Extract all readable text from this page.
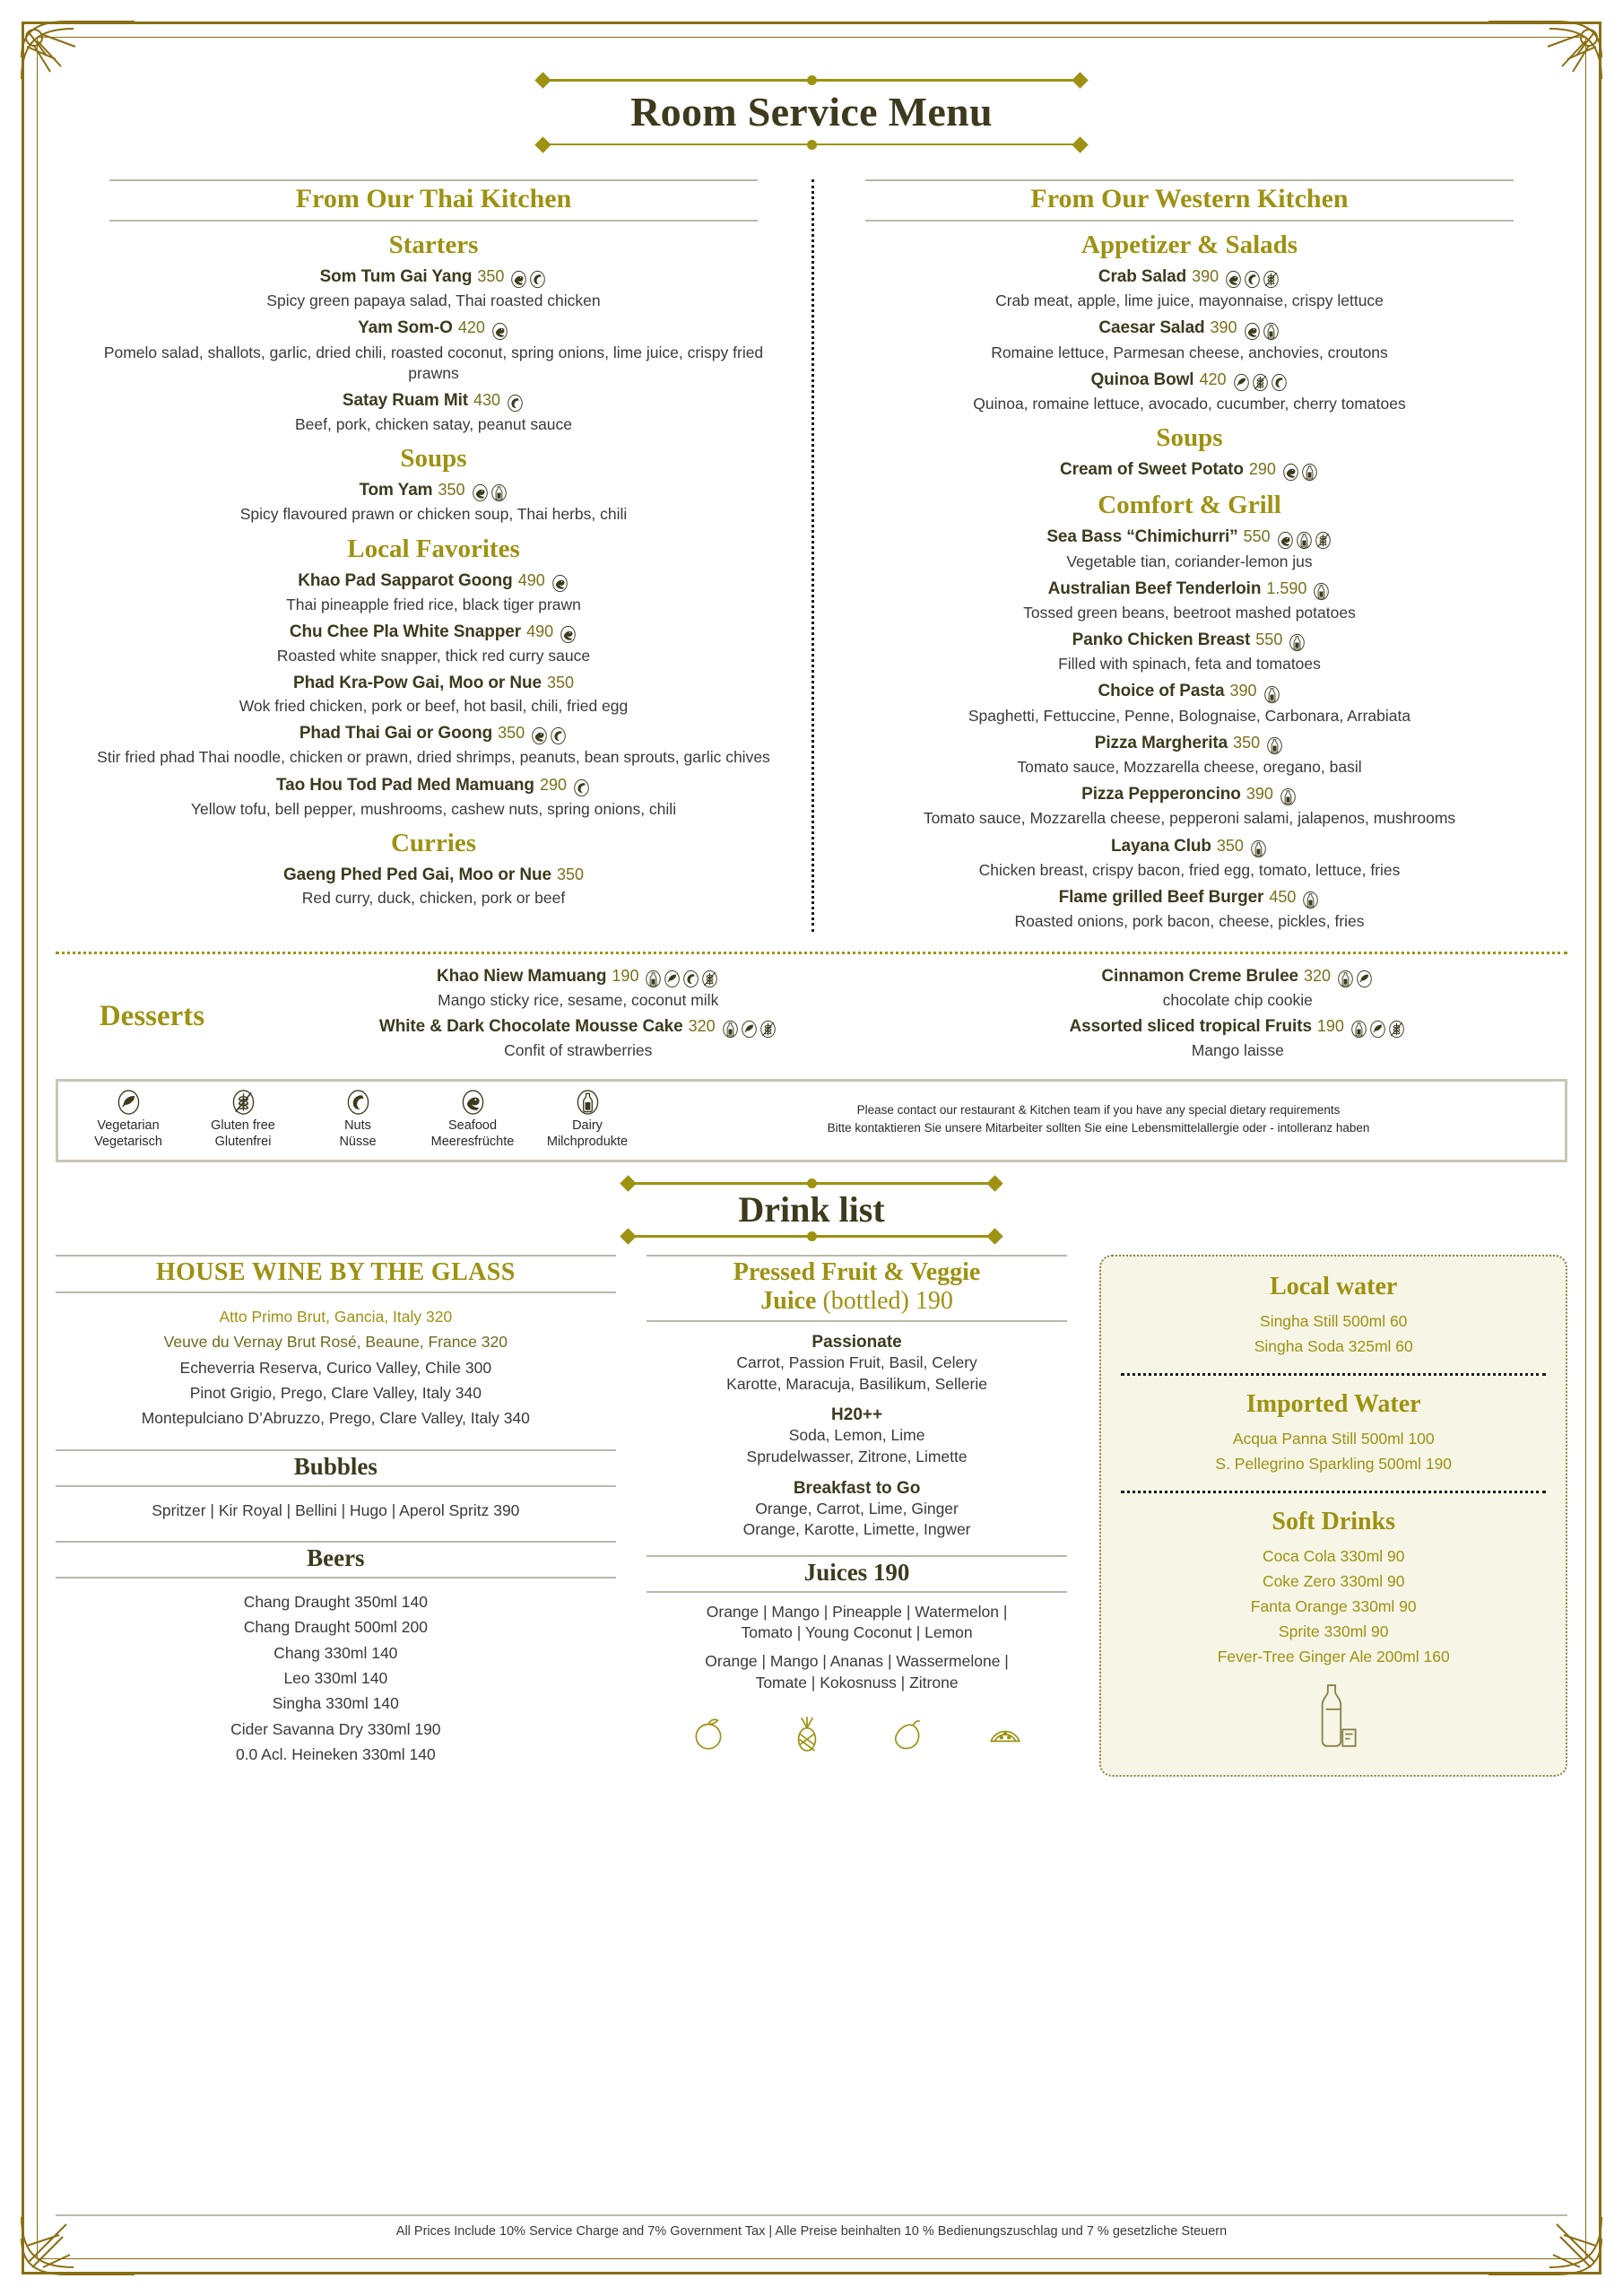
Room Service Menu
From Our Thai Kitchen
Starters
Som Tum Gai Yang 350
Spicy green papaya salad, Thai roasted chicken
Yam Som-O 420
Pomelo salad, shallots, garlic, dried chili, roasted coconut, spring onions, lime juice, crispy fried prawns
Satay Ruam Mit 430
Beef, pork, chicken satay, peanut sauce
Soups
Tom Yam 350
Spicy flavoured prawn or chicken soup, Thai herbs, chili
Local Favorites
Khao Pad Sapparot Goong 490
Thai pineapple fried rice, black tiger prawn
Chu Chee Pla White Snapper 490
Roasted white snapper, thick red curry sauce
Phad Kra-Pow Gai, Moo or Nue 350
Wok fried chicken, pork or beef, hot basil, chili, fried egg
Phad Thai Gai or Goong 350
Stir fried phad Thai noodle, chicken or prawn, dried shrimps, peanuts, bean sprouts, garlic chives
Tao Hou Tod Pad Med Mamuang 290
Yellow tofu, bell pepper, mushrooms, cashew nuts, spring onions, chili
Curries
Gaeng Phed Ped Gai, Moo or Nue 350
Red curry, duck, chicken, pork or beef
From Our Western Kitchen
Appetizer & Salads
Crab Salad 390
Crab meat, apple, lime juice, mayonnaise, crispy lettuce
Caesar Salad 390
Romaine lettuce, Parmesan cheese, anchovies, croutons
Quinoa Bowl 420
Quinoa, romaine lettuce, avocado, cucumber, cherry tomatoes
Soups
Cream of Sweet Potato 290
Comfort & Grill
Sea Bass “Chimichurri” 550
Vegetable tian, coriander-lemon jus
Australian Beef Tenderloin 1.590
Tossed green beans, beetroot mashed potatoes
Panko Chicken Breast 550
Filled with spinach, feta and tomatoes
Choice of Pasta 390
Spaghetti, Fettuccine, Penne, Bolognaise, Carbonara, Arrabiata
Pizza Margherita 350
Tomato sauce, Mozzarella cheese, oregano, basil
Pizza Pepperoncino 390
Tomato sauce, Mozzarella cheese, pepperoni salami, jalapenos, mushrooms
Layana Club 350
Chicken breast, crispy bacon, fried egg, tomato, lettuce, fries
Flame grilled Beef Burger 450
Roasted onions, pork bacon, cheese, pickles, fries
Desserts
Khao Niew Mamuang 190
Mango sticky rice, sesame, coconut milk
White & Dark Chocolate Mousse Cake 320
Confit of strawberries
Cinnamon Creme Brulee 320
chocolate chip cookie
Assorted sliced tropical Fruits 190
Mango laisse
Vegetarian
Vegetarisch
Gluten free
Glutenfrei
Nuts
Nüsse
Seafood
Meeresfrüchte
Dairy
Milchprodukte
Please contact our restaurant & Kitchen team if you have any special dietary requirements
Bitte kontaktieren Sie unsere Mitarbeiter sollten Sie eine Lebensmittelallergie oder - intolleranz haben
Drink list
HOUSE WINE BY THE GLASS
Atto Primo Brut, Gancia, Italy 320
Veuve du Vernay Brut Rosé, Beaune, France 320
Echeverria Reserva, Curico Valley, Chile 300
Pinot Grigio, Prego, Clare Valley, Italy 340
Montepulciano D’Abruzzo, Prego, Clare Valley, Italy 340
Bubbles
Spritzer | Kir Royal | Bellini | Hugo | Aperol Spritz 390
Beers
Chang Draught 350ml 140
Chang Draught 500ml 200
Chang 330ml 140
Leo 330ml 140
Singha 330ml 140
Cider Savanna Dry 330ml 190
0.0 Acl. Heineken 330ml 140
Pressed Fruit & Veggie
Juice (bottled) 190
Passionate
Carrot, Passion Fruit, Basil, Celery
Karotte, Maracuja, Basilikum, Sellerie
H20++
Soda, Lemon, Lime
Sprudelwasser, Zitrone, Limette
Breakfast to Go
Orange, Carrot, Lime, Ginger
Orange, Karotte, Limette, Ingwer
Juices 190
Orange | Mango | Pineapple | Watermelon |
Tomato | Young Coconut | Lemon
Orange | Mango | Ananas | Wassermelone |
Tomate | Kokosnuss | Zitrone
Local water
Singha Still 500ml 60
Singha Soda 325ml 60
Imported Water
Acqua Panna Still 500ml 100
S. Pellegrino Sparkling 500ml 190
Soft Drinks
Coca Cola 330ml 90
Coke Zero 330ml 90
Fanta Orange 330ml 90
Sprite 330ml 90
Fever-Tree Ginger Ale 200ml 160
All Prices Include 10% Service Charge and 7% Government Tax | Alle Preise beinhalten 10 % Bedienungszuschlag und 7 % gesetzliche Steuern
